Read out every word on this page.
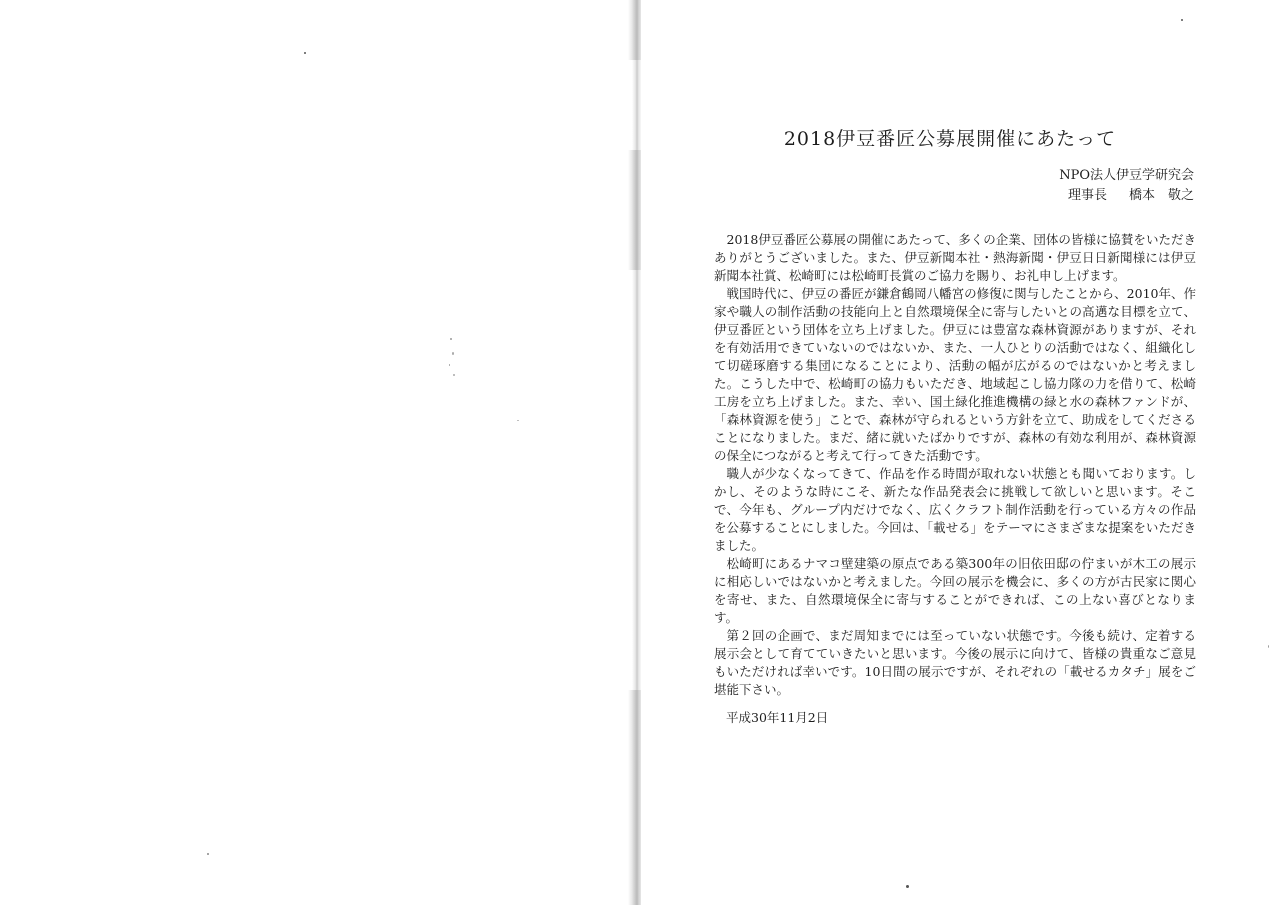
2018伊豆番匠公募展開催にあたって
NPO法人伊豆学研究会
理事長 橋本　敬之

2018伊豆番匠公募展の開催にあたって、多くの企業、団体の皆様に協賛をいただきありがとうございました。また、伊豆新聞本社・熱海新聞・伊豆日日新聞様には伊豆新聞本社賞、松崎町には松崎町長賞のご協力を賜り、お礼申し上げます。

戦国時代に、伊豆の番匠が鎌倉鶴岡八幡宮の修復に関与したことから、2010年、作家や職人の制作活動の技能向上と自然環境保全に寄与したいとの高邁な目標を立て、伊豆番匠という団体を立ち上げました。伊豆には豊富な森林資源がありますが、それを有効活用できていないのではないか、また、一人ひとりの活動ではなく、組織化して切磋琢磨する集団になることにより、活動の幅が広がるのではないかと考えました。こうした中で、松崎町の協力もいただき、地域起こし協力隊の力を借りて、松崎工房を立ち上げました。また、幸い、国土緑化推進機構の緑と水の森林ファンドが、「森林資源を使う」ことで、森林が守られるという方針を立て、助成をしてくださることになりました。まだ、緒に就いたばかりですが、森林の有効な利用が、森林資源の保全につながると考えて行ってきた活動です。

職人が少なくなってきて、作品を作る時間が取れない状態とも聞いております。しかし、そのような時にこそ、新たな作品発表会に挑戦して欲しいと思います。そこで、今年も、グループ内だけでなく、広くクラフト制作活動を行っている方々の作品を公募することにしました。今回は、「載せる」をテーマにさまざまな提案をいただきました。

松崎町にあるナマコ壁建築の原点である築300年の旧依田邸の佇まいが木工の展示に相応しいではないかと考えました。今回の展示を機会に、多くの方が古民家に関心を寄せ、また、自然環境保全に寄与することができれば、この上ない喜びとなります。

第２回の企画で、まだ周知までには至っていない状態です。今後も続け、定着する展示会として育てていきたいと思います。今後の展示に向けて、皆様の貴重なご意見もいただければ幸いです。10日間の展示ですが、それぞれの「載せるカタチ」展をご堪能下さい。

平成30年11月2日
